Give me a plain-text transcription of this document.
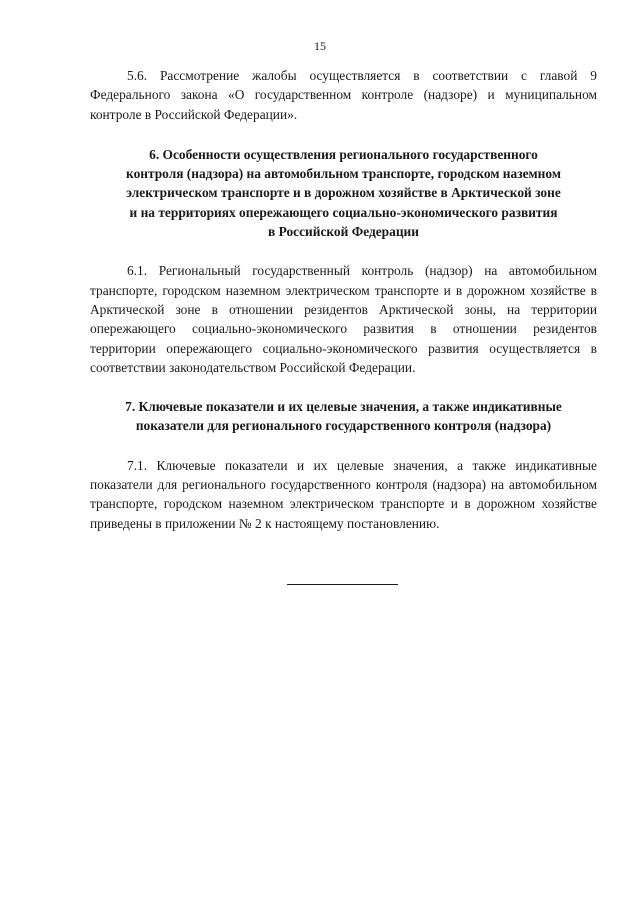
15

5.6. Рассмотрение жалобы осуществляется в соответствии с главой 9 Федерального закона «О государственном контроле (надзоре) и муниципальном контроле в Российской Федерации».

6. Особенности осуществления регионального государственного
контроля (надзора) на автомобильном транспорте, городском наземном
электрическом транспорте и в дорожном хозяйстве в Арктической зоне
и на территориях опережающего социально-экономического развития
в Российской Федерации

6.1. Региональный государственный контроль (надзор) на автомобильном транспорте, городском наземном электрическом транспорте и в дорожном хозяйстве в Арктической зоне в отношении резидентов Арктической зоны, на территории опережающего социально-экономического развития в отношении резидентов территории опережающего социально-экономического развития осуществляется в соответствии законодательством Российской Федерации.

7. Ключевые показатели и их целевые значения, а также индикативные
показатели для регионального государственного контроля (надзора)

7.1. Ключевые показатели и их целевые значения, а также индикативные показатели для регионального государственного контроля (надзора) на автомобильном транспорте, городском наземном электрическом транспорте и в дорожном хозяйстве приведены в приложении № 2 к настоящему постановлению.
